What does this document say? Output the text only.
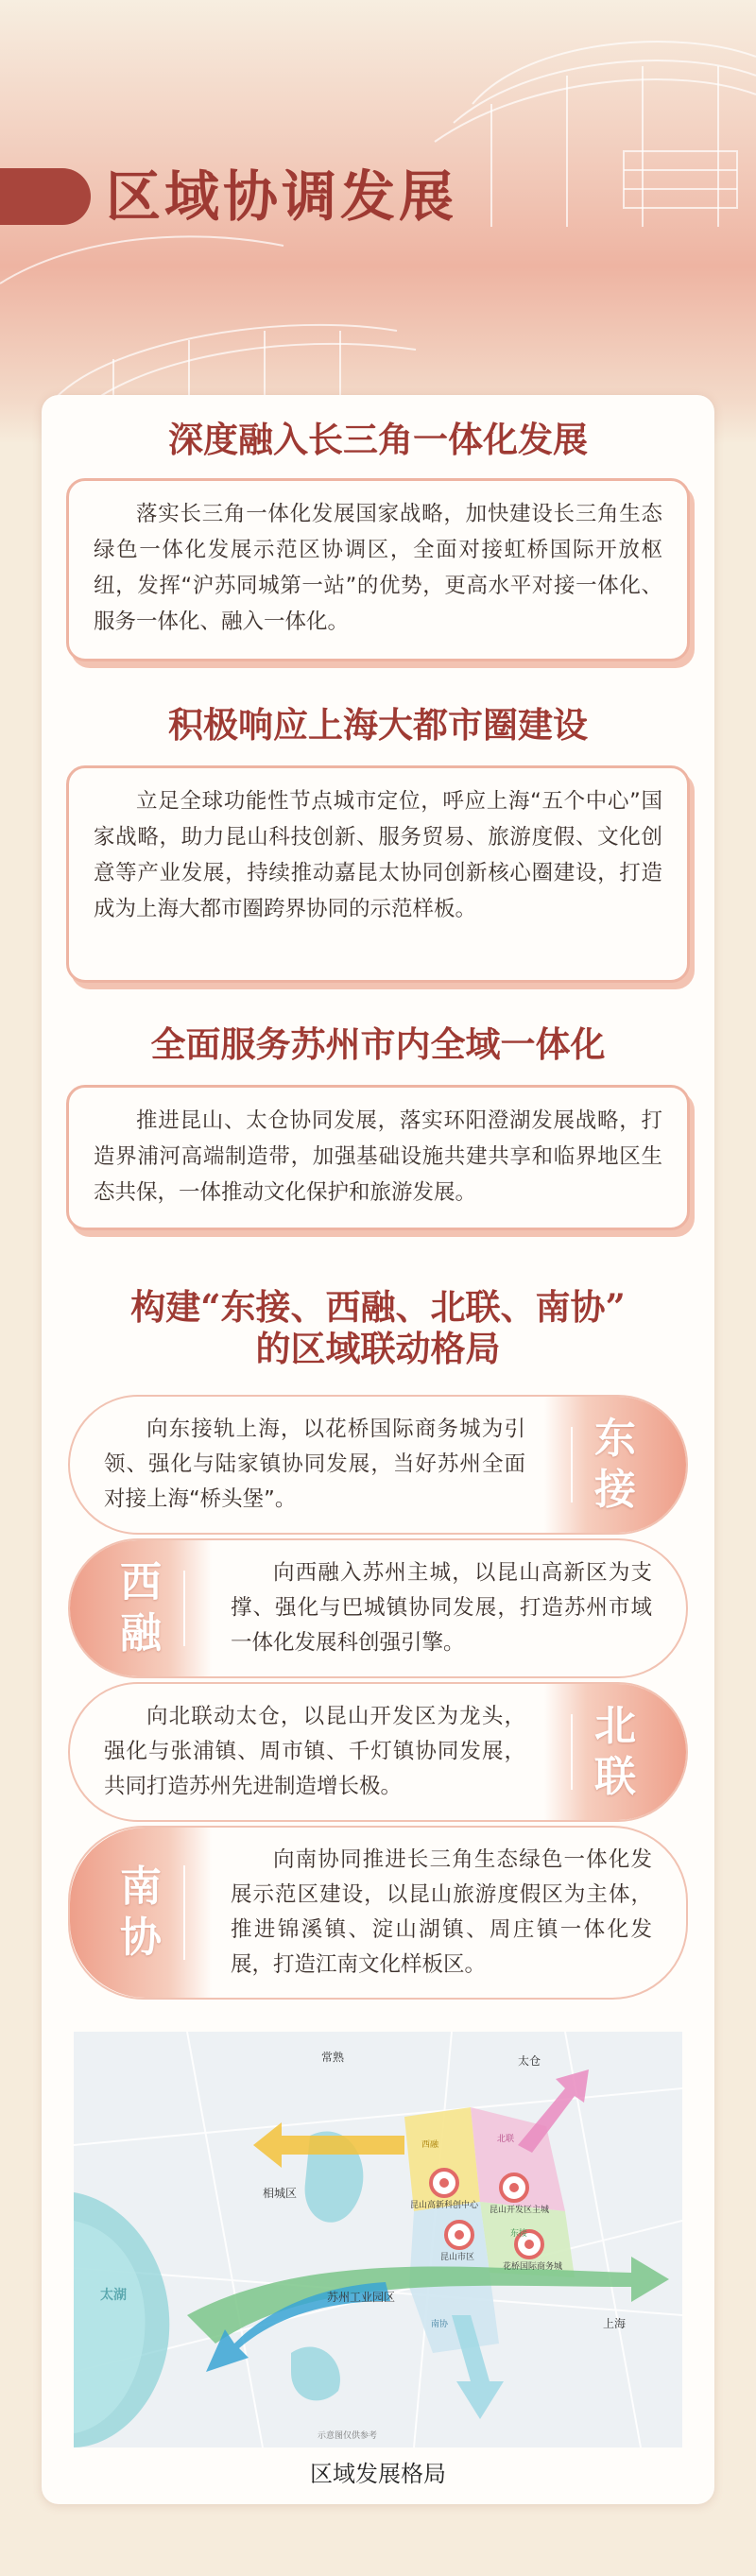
区域协调发展
深度融入长三角一体化发展
落实长三角一体化发展国家战略，加快建设长三角生态绿色一体化发展示范区协调区，全面对接虹桥国际开放枢纽，发挥“沪苏同城第一站”的优势，更高水平对接一体化、服务一体化、融入一体化。
积极响应上海大都市圈建设
立足全球功能性节点城市定位，呼应上海“五个中心”国家战略，助力昆山科技创新、服务贸易、旅游度假、文化创意等产业发展，持续推动嘉昆太协同创新核心圈建设，打造成为上海大都市圈跨界协同的示范样板。
全面服务苏州市内全域一体化
推进昆山、太仓协同发展，落实环阳澄湖发展战略，打造界浦河高端制造带，加强基础设施共建共享和临界地区生态共保，一体推动文化保护和旅游发展。
构建“东接、西融、北联、南协”
的区域联动格局
向东接轨上海，以花桥国际商务城为引领、强化与陆家镇协同发展，当好苏州全面对接上海“桥头堡”。
东接
西融
向西融入苏州主城，以昆山高新区为支撑、强化与巴城镇协同发展，打造苏州市域一体化发展科创强引擎。
向北联动太仓，以昆山开发区为龙头，强化与张浦镇、周市镇、千灯镇协同发展，共同打造苏州先进制造增长极。
北联
南协
向南协同推进长三角生态绿色一体化发展示范区建设，以昆山旅游度假区为主体，推进锦溪镇、淀山湖镇、周庄镇一体化发展，打造江南文化样板区。
常熟	太仓
相城区
苏州工业园区
上海
太湖
西融
北联
东接
南协
昆山高新科创中心 昆山开发区主城
昆山市区
花桥国际商务城
示意图仅供参考
区域发展格局
